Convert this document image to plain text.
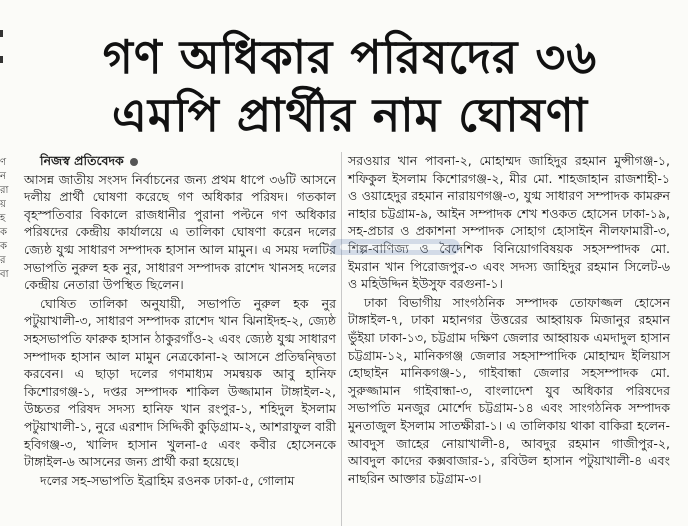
ণ
ন
রা
য়
হ
ক
ক
র
বা
গণ অধিকার পরিষদের ৩৬
এমপি প্রার্থীর নাম ঘোষণা

নিজস্ব প্রতিবেদক

আসন্ন জাতীয় সংসদ নির্বাচনের জন্য প্রথম ধাপে ৩৬টি আসনে দলীয় প্রার্থী ঘোষণা করেছে গণ অধিকার পরিষদ। গতকাল বৃহস্পতিবার বিকালে রাজধানীর পুরানা পল্টনে গণ অধিকার পরিষদের কেন্দ্রীয় কার্যালয়ে এ তালিকা ঘোষণা করেন দলের জ্যেষ্ঠ যুগ্ম সাধারণ সম্পাদক হাসান আল মামুন। এ সময় দলটির সভাপতি নুরুল হক নুর, সাধারণ সম্পাদক রাশেদ খানসহ দলের কেন্দ্রীয় নেতারা উপস্থিত ছিলেন।

ঘোষিত তালিকা অনুযায়ী, সভাপতি নুরুল হক নুর পটুয়াখালী-৩, সাধারণ সম্পাদক রাশেদ খান ঝিনাইদহ-২, জ্যেষ্ঠ সহসভাপতি ফারুক হাসান ঠাকুরগাঁও-২ এবং জ্যেষ্ঠ যুগ্ম সাধারণ সম্পাদক হাসান আল মামুন নেত্রকোনা-২ আসনে প্রতিদ্বন্দ্বিতা করবেন। এ ছাড়া দলের গণমাধ্যম সমন্বয়ক আবু হানিফ কিশোরগঞ্জ-১, দপ্তর সম্পাদক শাকিল উজ্জামান টাঙ্গাইল-২, উচ্চতর পরিষদ সদস্য হানিফ খান রংপুর-১, শহিদুল ইসলাম পটুয়াখালী-১, নুরে এরশাদ সিদ্দিকী কুড়িগ্রাম-২, আশরাফুল বারী হবিগঞ্জ-৩, খালিদ হাসান খুলনা-৫ এবং কবীর হোসেনকে টাঙ্গাইল-৬ আসনের জন্য প্রার্থী করা হয়েছে।

দলের সহ-সভাপতি ইব্রাহিম রওনক ঢাকা-৫, গোলাম

সরওয়ার খান পাবনা-২, মোহাম্মদ জাহিদুর রহমান মুন্সীগঞ্জ-১, শফিকুল ইসলাম কিশোরগঞ্জ-২, মীর মো. শাহজাহান রাজশাহী-১ ও ওয়াহেদুর রহমান নারায়ণগঞ্জ-৩, যুগ্ম সাধারণ সম্পাদক কামরুন নাহার চট্টগ্রাম-৯, আইন সম্পাদক শেখ শওকত হোসেন ঢাকা-১৯, সহ-প্রচার ও প্রকাশনা সম্পাদক সোহাগ হোসাইন নীলফামারী-৩, শিল্প-বাণিজ্য ও বৈদেশিক বিনিয়োগবিষয়ক সহসম্পাদক মো. ইমরান খান পিরোজপুর-৩ এবং সদস্য জাহিদুর রহমান সিলেট-৬ ও মহিউদ্দিন ইউসুফ বরগুনা-১।

ঢাকা বিভাগীয় সাংগঠনিক সম্পাদক তোফাজ্জল হোসেন টাঙ্গাইল-৭, ঢাকা মহানগর উত্তরের আহ্বায়ক মিজানুর রহমান ভুঁইয়া ঢাকা-১৩, চট্টগ্রাম দক্ষিণ জেলার আহ্বায়ক এমদাদুল হাসান চট্টগ্রাম-১২, মানিকগঞ্জ জেলার সহসাম্পাদিক মোহাম্মদ ইলিয়াস হোছাইন মানিকগঞ্জ-১, গাইবান্ধা জেলার সহসম্পাদক মো. সুরুজ্জামান গাইবান্ধা-৩, বাংলাদেশ যুব অধিকার পরিষদের সভাপতি মনজুর মোর্শেদ চট্টগ্রাম-১৪ এবং সাংগঠনিক সম্পাদক মুনতাজুল ইসলাম সাতক্ষীরা-১। এ তালিকায় থাকা বাকিরা হলেন- আবদুস জাহের নোয়াখালী-৪, আবদুর রহমান গাজীপুর-২, আবদুল কাদের কক্সবাজার-১, রবিউল হাসান পটুয়াখালী-৪ এবং নাছরিন আক্তার চট্টগ্রাম-৩।
